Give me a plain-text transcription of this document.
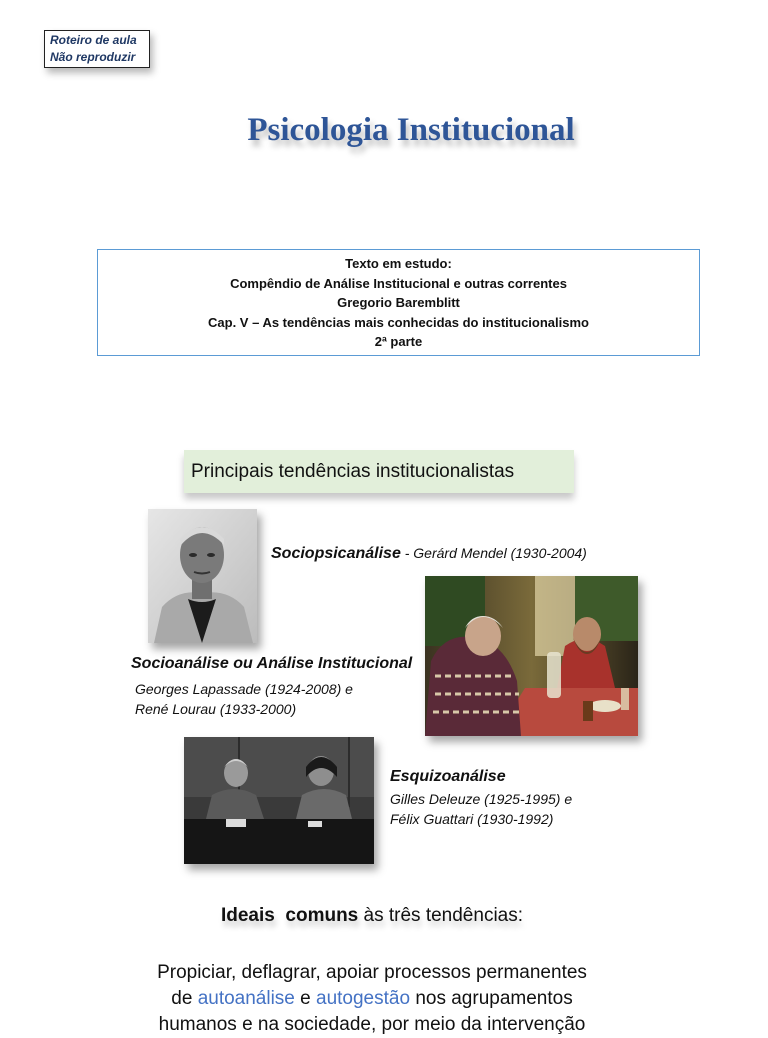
Roteiro de aula
Não reproduzir
Psicologia Institucional
Texto em estudo:
Compêndio de Análise Institucional e outras correntes
Gregorio Baremblitt
Cap. V – As tendências mais conhecidas do institucionalismo
2ª parte
Principais tendências institucionalistas
Sociopsicanálise - Gerárd Mendel (1930-2004)
Socioanálise ou Análise Institucional
Georges Lapassade (1924-2008) e
René Lourau (1933-2000)
Esquizoanálise
Gilles Deleuze (1925-1995) e
Félix Guattari (1930-1992)
Ideais  comuns às três tendências:
Propiciar, deflagrar, apoiar processos permanentes
de autoanálise e autogestão nos agrupamentos
humanos e na sociedade, por meio da intervenção
